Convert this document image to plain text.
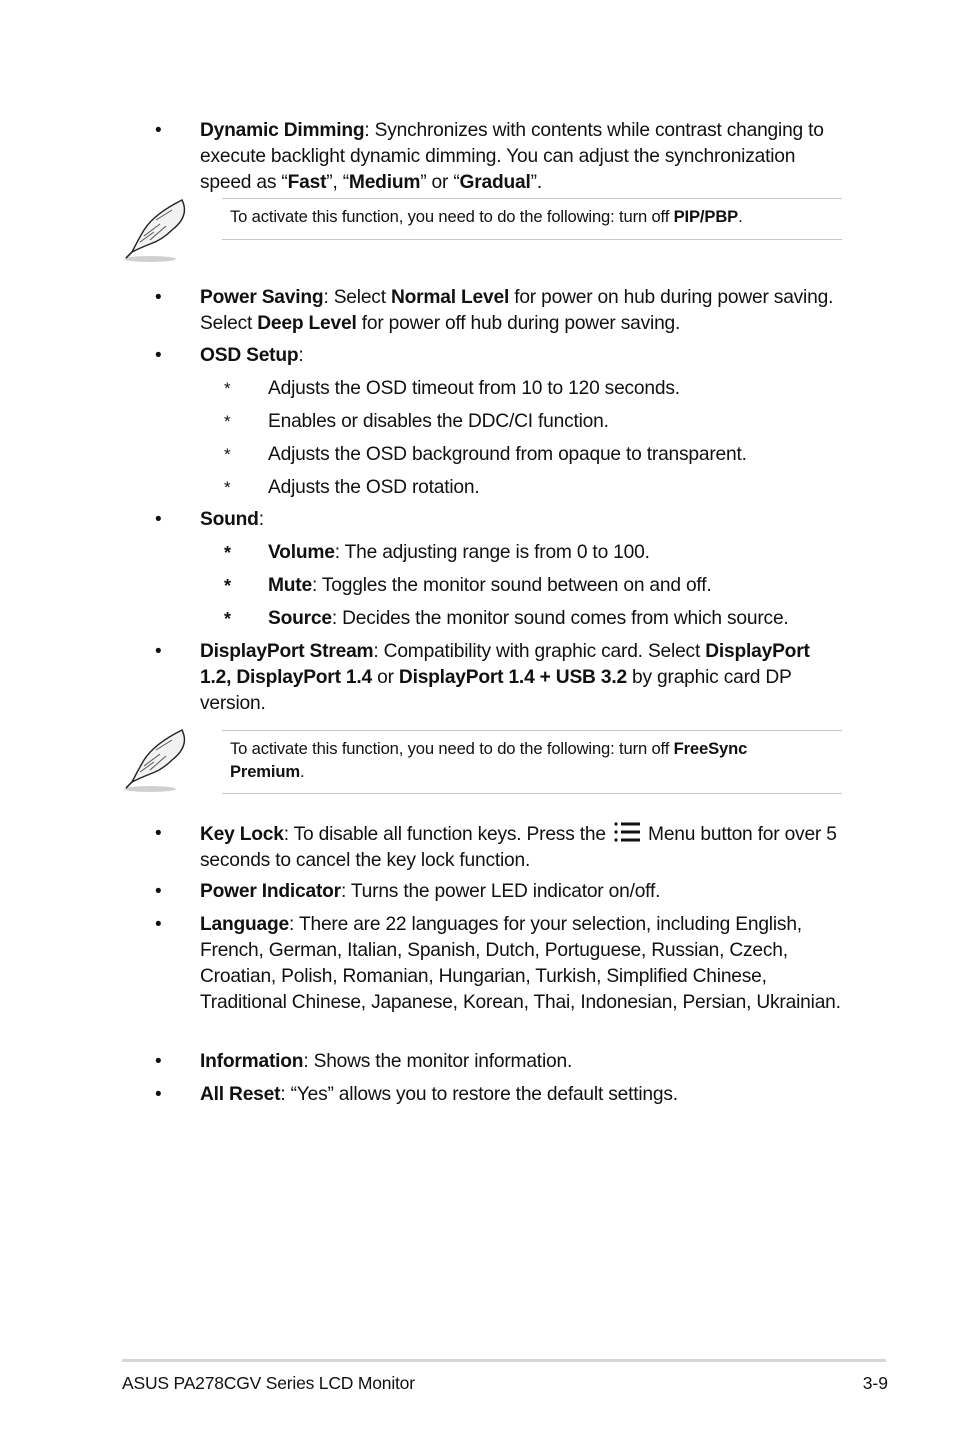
• Dynamic Dimming: Synchronizes with contents while contrast changing to execute backlight dynamic dimming. You can adjust the synchronization speed as “Fast”, “Medium” or “Gradual”.
To activate this function, you need to do the following: turn off PIP/PBP.
• Power Saving: Select Normal Level for power on hub during power saving. Select Deep Level for power off hub during power saving.
• OSD Setup:
* Adjusts the OSD timeout from 10 to 120 seconds.
* Enables or disables the DDC/CI function.
* Adjusts the OSD background from opaque to transparent.
* Adjusts the OSD rotation.
• Sound:
* Volume: The adjusting range is from 0 to 100.
* Mute: Toggles the monitor sound between on and off.
* Source: Decides the monitor sound comes from which source.
• DisplayPort Stream: Compatibility with graphic card. Select DisplayPort 1.2, DisplayPort 1.4 or DisplayPort 1.4 + USB 3.2 by graphic card DP version.
To activate this function, you need to do the following: turn off FreeSync Premium.
• Key Lock: To disable all function keys. Press the  Menu button for over 5 seconds to cancel the key lock function.
• Power Indicator: Turns the power LED indicator on/off.
• Language: There are 22 languages for your selection, including English, French, German, Italian, Spanish, Dutch, Portuguese, Russian, Czech, Croatian, Polish, Romanian, Hungarian, Turkish, Simplified Chinese, Traditional Chinese, Japanese, Korean, Thai, Indonesian, Persian, Ukrainian.
• Information: Shows the monitor information.
• All Reset: “Yes” allows you to restore the default settings.
ASUS PA278CGV Series LCD Monitor	3-9
